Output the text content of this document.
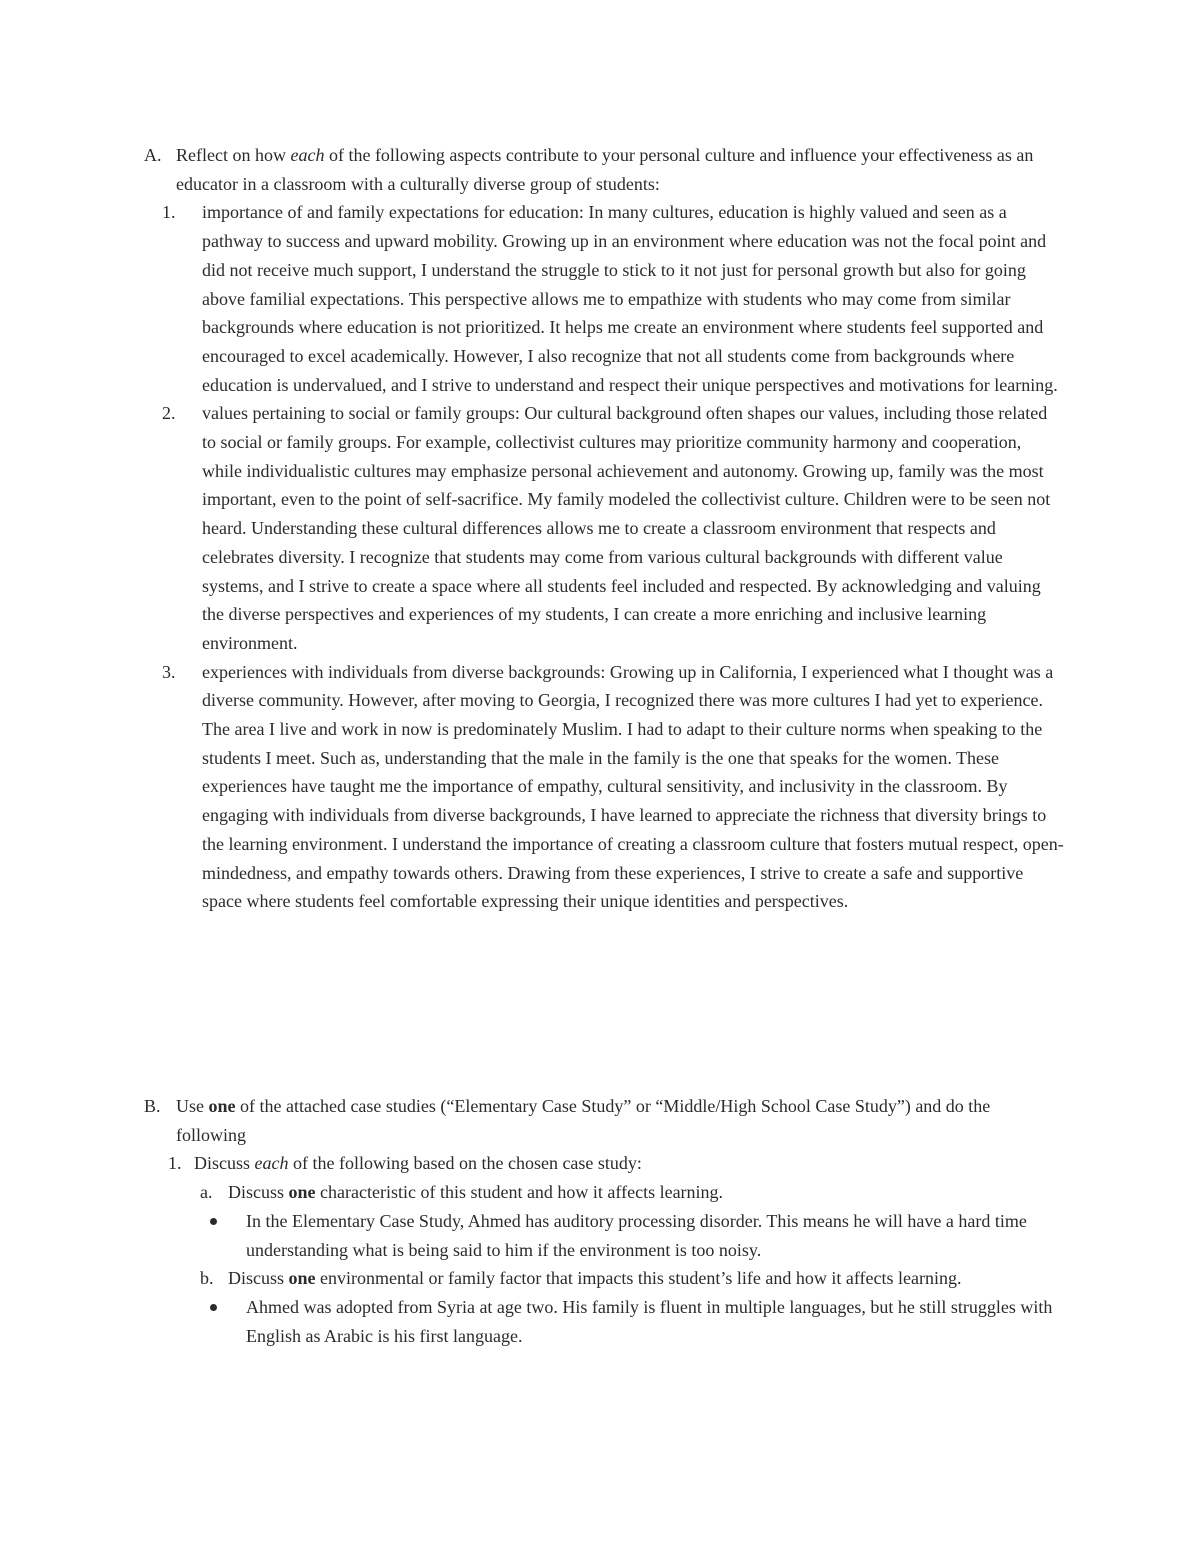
A. Reflect on how each of the following aspects contribute to your personal culture and influence your effectiveness as an educator in a classroom with a culturally diverse group of students:
1. importance of and family expectations for education: In many cultures, education is highly valued and seen as a pathway to success and upward mobility. Growing up in an environment where education was not the focal point and did not receive much support, I understand the struggle to stick to it not just for personal growth but also for going above familial expectations. This perspective allows me to empathize with students who may come from similar backgrounds where education is not prioritized. It helps me create an environment where students feel supported and encouraged to excel academically. However, I also recognize that not all students come from backgrounds where education is undervalued, and I strive to understand and respect their unique perspectives and motivations for learning.
2. values pertaining to social or family groups: Our cultural background often shapes our values, including those related to social or family groups. For example, collectivist cultures may prioritize community harmony and cooperation, while individualistic cultures may emphasize personal achievement and autonomy. Growing up, family was the most important, even to the point of self-sacrifice. My family modeled the collectivist culture. Children were to be seen not heard. Understanding these cultural differences allows me to create a classroom environment that respects and celebrates diversity. I recognize that students may come from various cultural backgrounds with different value systems, and I strive to create a space where all students feel included and respected. By acknowledging and valuing the diverse perspectives and experiences of my students, I can create a more enriching and inclusive learning environment.
3. experiences with individuals from diverse backgrounds: Growing up in California, I experienced what I thought was a diverse community. However, after moving to Georgia, I recognized there was more cultures I had yet to experience. The area I live and work in now is predominately Muslim. I had to adapt to their culture norms when speaking to the students I meet. Such as, understanding that the male in the family is the one that speaks for the women. These experiences have taught me the importance of empathy, cultural sensitivity, and inclusivity in the classroom. By engaging with individuals from diverse backgrounds, I have learned to appreciate the richness that diversity brings to the learning environment. I understand the importance of creating a classroom culture that fosters mutual respect, open-mindedness, and empathy towards others. Drawing from these experiences, I strive to create a safe and supportive space where students feel comfortable expressing their unique identities and perspectives.
B. Use one of the attached case studies (“Elementary Case Study” or “Middle/High School Case Study”) and do the following
1. Discuss each of the following based on the chosen case study:
a. Discuss one characteristic of this student and how it affects learning.
In the Elementary Case Study, Ahmed has auditory processing disorder. This means he will have a hard time understanding what is being said to him if the environment is too noisy.
b. Discuss one environmental or family factor that impacts this student’s life and how it affects learning.
Ahmed was adopted from Syria at age two. His family is fluent in multiple languages, but he still struggles with English as Arabic is his first language.
